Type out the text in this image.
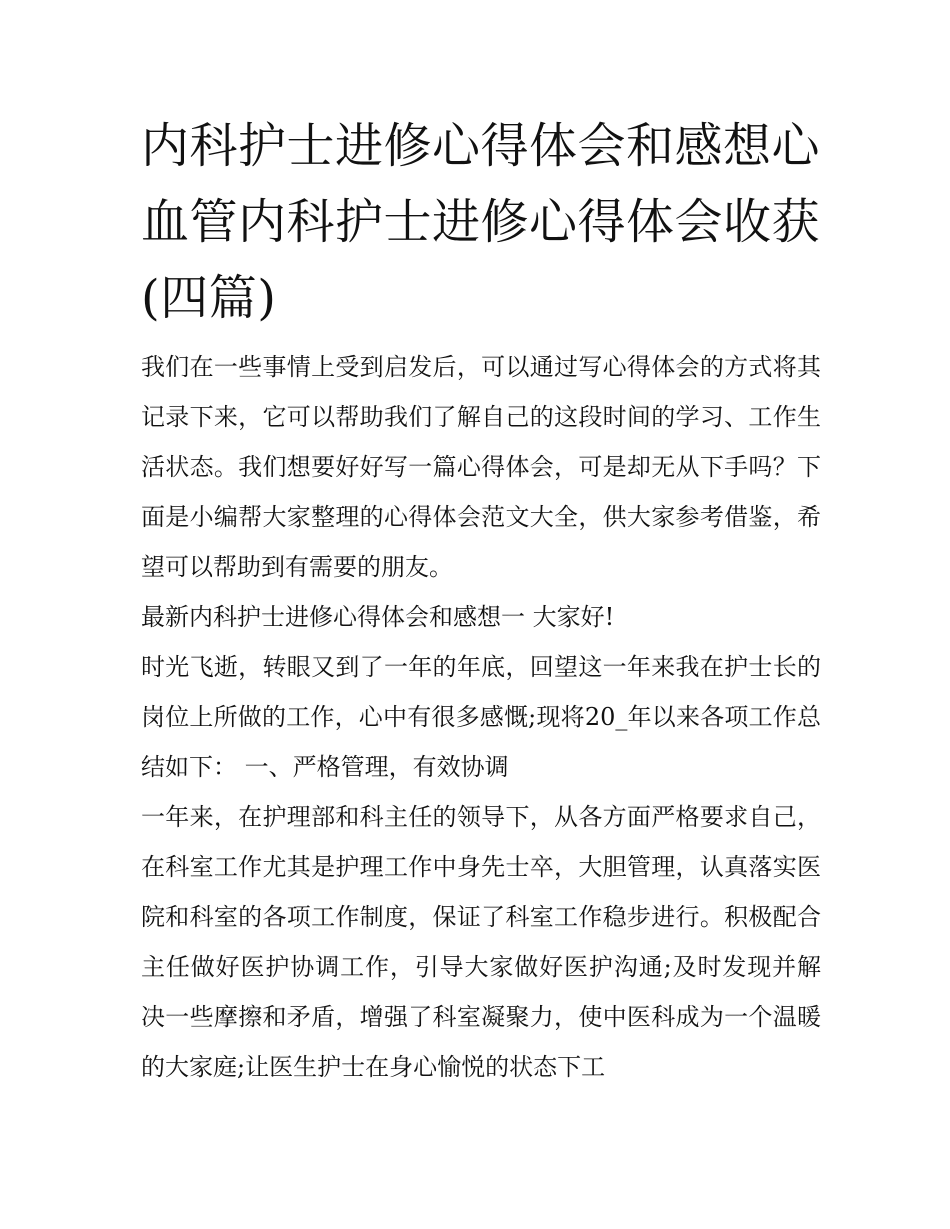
内科护士进修心得体会和感想心血管内科护士进修心得体会收获(四篇)

我们在一些事情上受到启发后，可以通过写心得体会的方式将其记录下来，它可以帮助我们了解自己的这段时间的学习、工作生活状态。我们想要好好写一篇心得体会，可是却无从下手吗？下面是小编帮大家整理的心得体会范文大全，供大家参考借鉴，希望可以帮助到有需要的朋友。

最新内科护士进修心得体会和感想一 大家好!

时光飞逝，转眼又到了一年的年底，回望这一年来我在护士长的岗位上所做的工作，心中有很多感慨;现将20_年以来各项工作总结如下： 一、严格管理，有效协调

一年来，在护理部和科主任的领导下，从各方面严格要求自己，在科室工作尤其是护理工作中身先士卒，大胆管理，认真落实医院和科室的各项工作制度，保证了科室工作稳步进行。积极配合主任做好医护协调工作，引导大家做好医护沟通;及时发现并解决一些摩擦和矛盾，增强了科室凝聚力，使中医科成为一个温暖的大家庭;让医生护士在身心愉悦的状态下工
